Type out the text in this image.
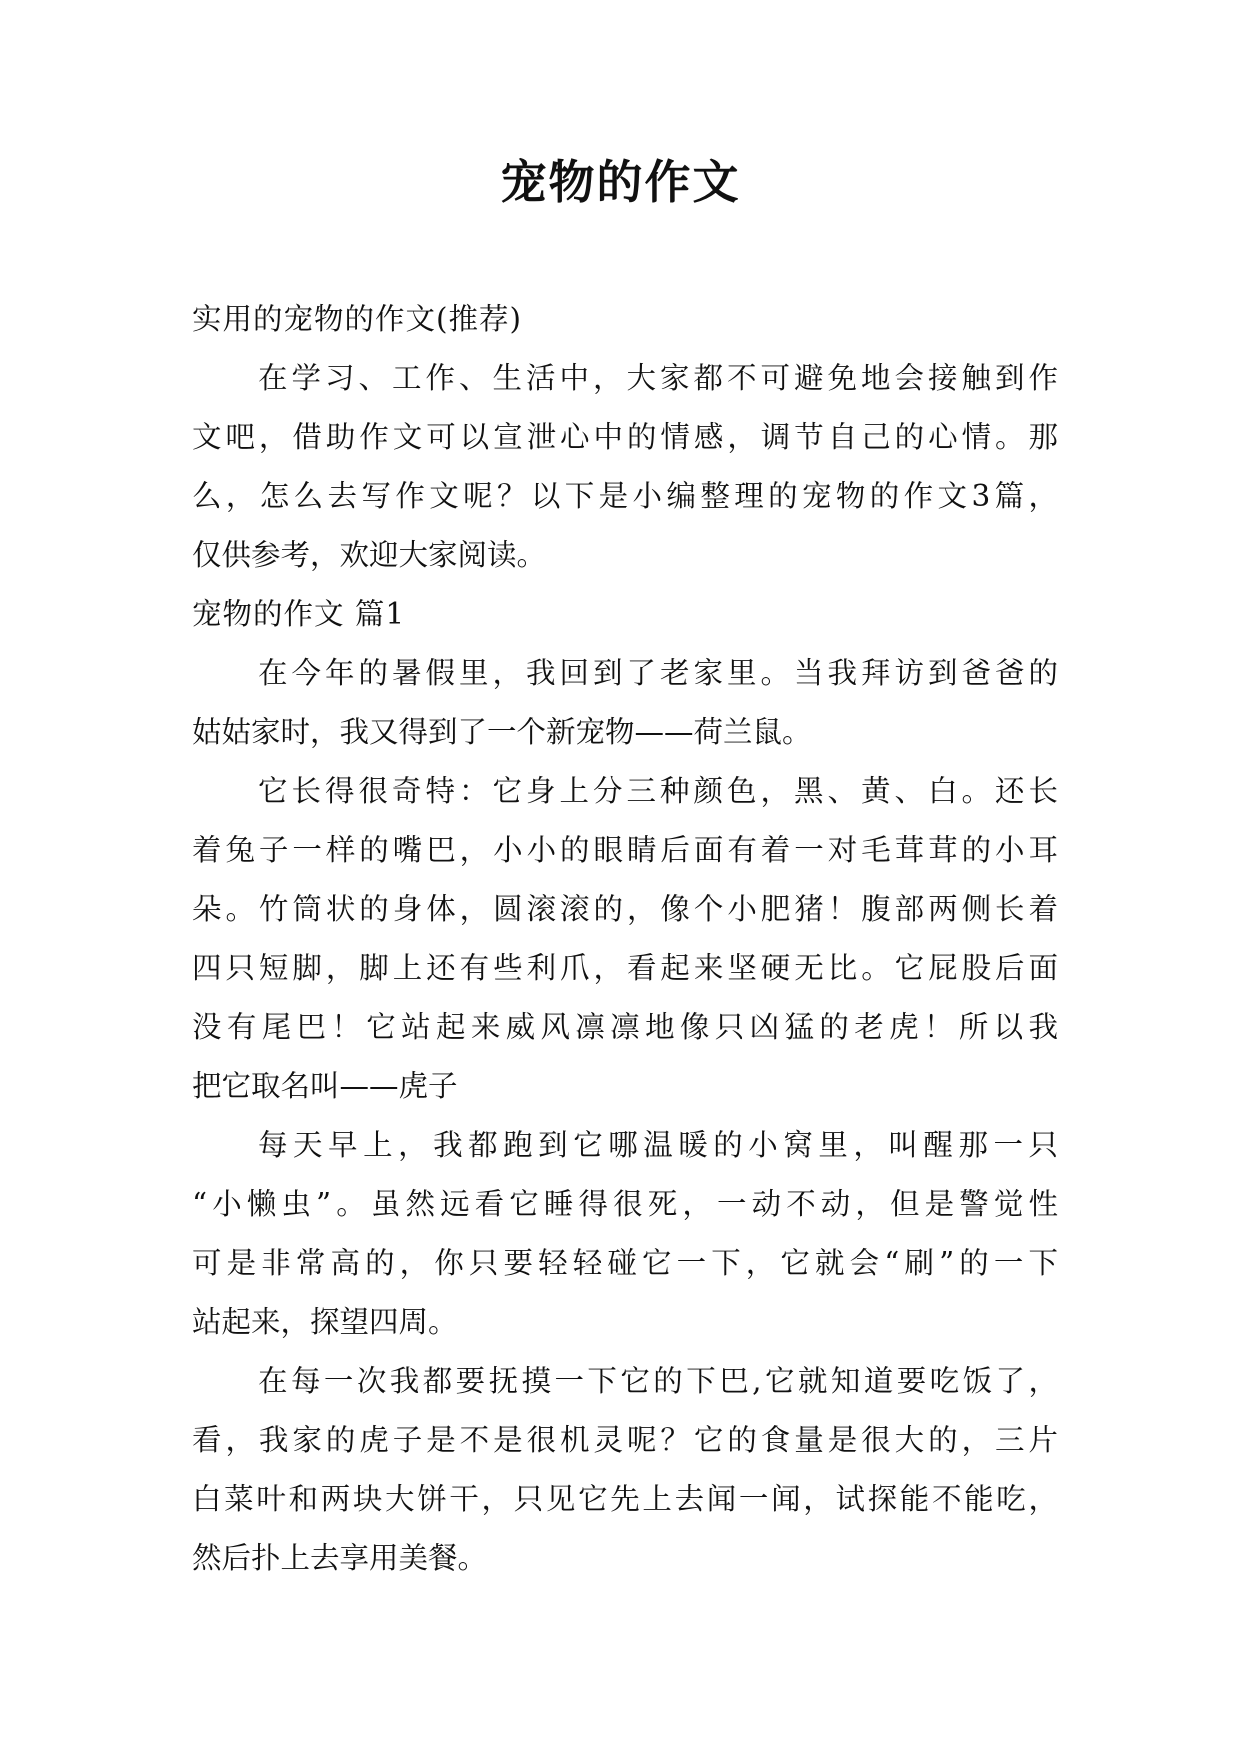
宠物的作文
实用的宠物的作文(推荐)
在学习、工作、生活中，大家都不可避免地会接触到作
文吧，借助作文可以宣泄心中的情感，调节自己的心情。那
么，怎么去写作文呢？以下是小编整理的宠物的作文3篇，
仅供参考，欢迎大家阅读。
宠物的作文 篇1
在今年的暑假里，我回到了老家里。当我拜访到爸爸的
姑姑家时，我又得到了一个新宠物——荷兰鼠。
它长得很奇特：它身上分三种颜色，黑、黄、白。还长
着兔子一样的嘴巴，小小的眼睛后面有着一对毛茸茸的小耳
朵。竹筒状的身体，圆滚滚的，像个小肥猪！腹部两侧长着
四只短脚，脚上还有些利爪，看起来坚硬无比。它屁股后面
没有尾巴！它站起来威风凛凛地像只凶猛的老虎！所以我
把它取名叫——虎子
每天早上，我都跑到它哪温暖的小窝里，叫醒那一只
“小懒虫”。虽然远看它睡得很死，一动不动，但是警觉性
可是非常高的，你只要轻轻碰它一下，它就会“刷”的一下
站起来，探望四周。
在每一次我都要抚摸一下它的下巴,它就知道要吃饭了，
看，我家的虎子是不是很机灵呢？它的食量是很大的，三片
白菜叶和两块大饼干，只见它先上去闻一闻，试探能不能吃，
然后扑上去享用美餐。
